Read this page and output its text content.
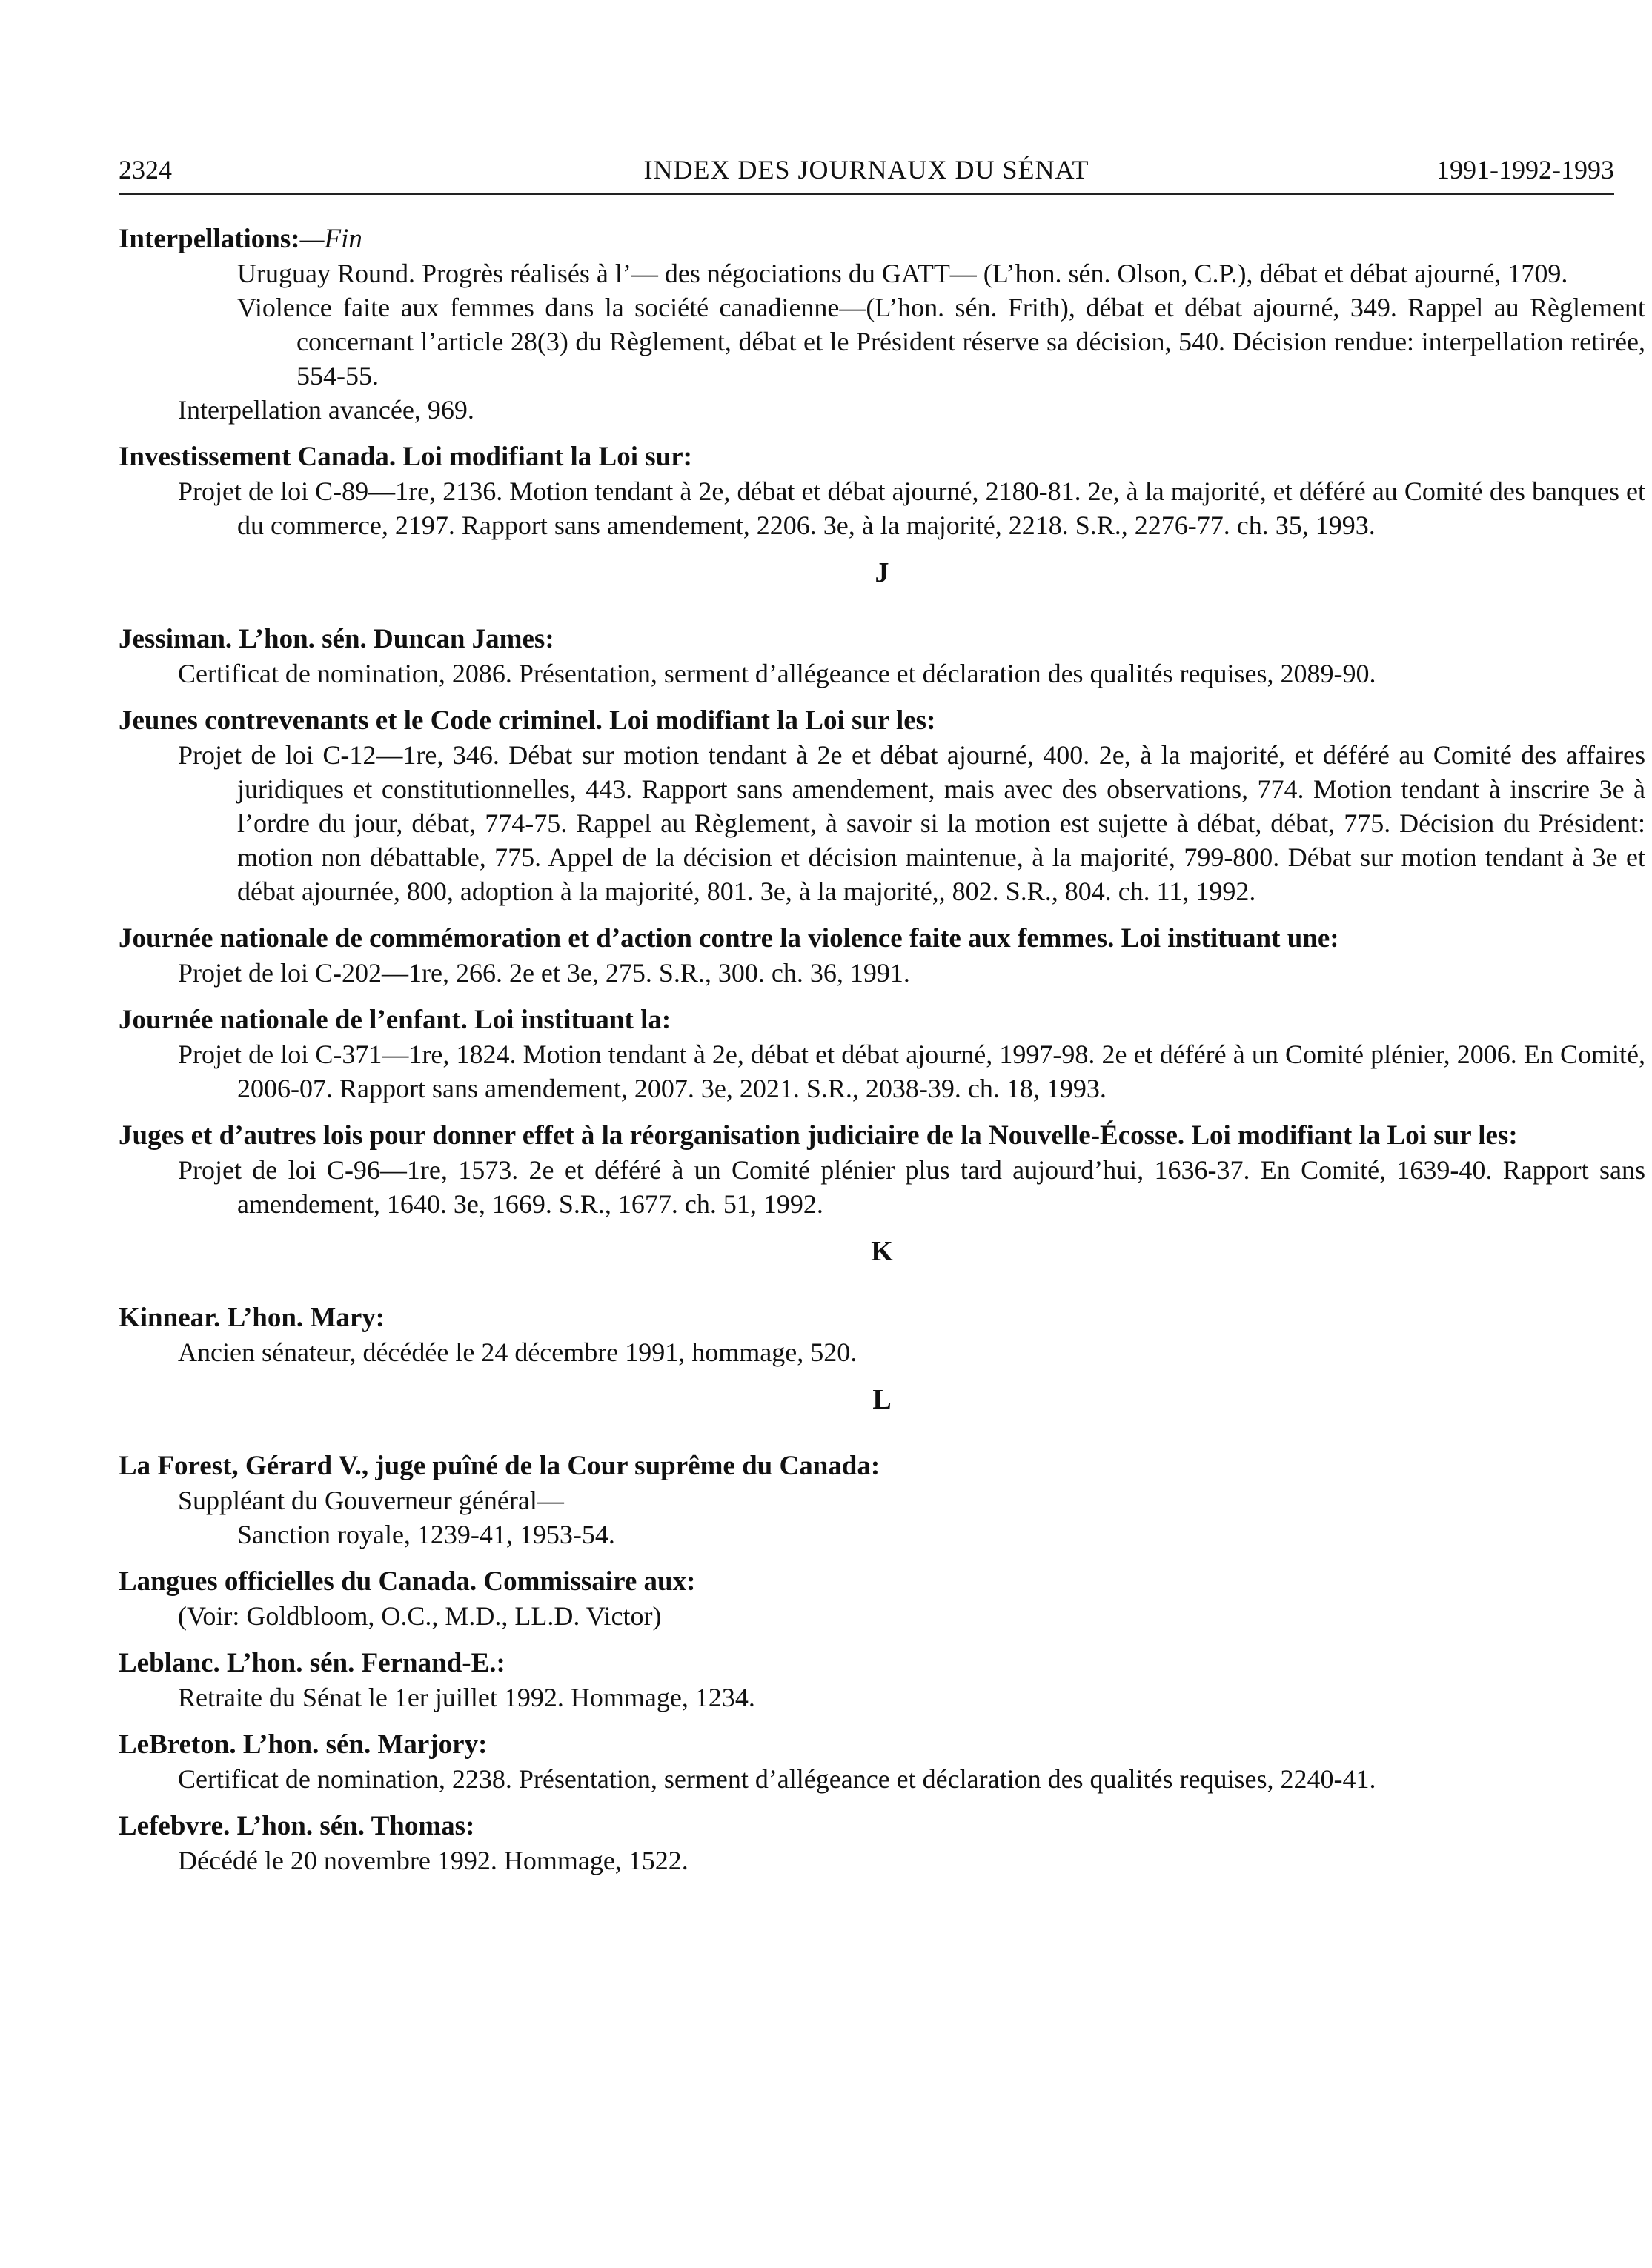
2324	INDEX DES JOURNAUX DU SÉNAT	1991-1992-1993
Interpellations:—Fin
Uruguay Round. Progrès réalisés à l’— des négociations du GATT— (L’hon. sén. Olson, C.P.), débat et débat ajourné, 1709.
Violence faite aux femmes dans la société canadienne—(L’hon. sén. Frith), débat et débat ajourné, 349. Rappel au Règlement concernant l’article 28(3) du Règlement, débat et le Président réserve sa décision, 540. Décision rendue: interpellation retirée, 554-55.
Interpellation avancée, 969.
Investissement Canada. Loi modifiant la Loi sur:
Projet de loi C-89—1re, 2136. Motion tendant à 2e, débat et débat ajourné, 2180-81. 2e, à la majorité, et déféré au Comité des banques et du commerce, 2197. Rapport sans amendement, 2206. 3e, à la majorité, 2218. S.R., 2276-77. ch. 35, 1993.
J
Jessiman. L’hon. sén. Duncan James:
Certificat de nomination, 2086. Présentation, serment d’allégeance et déclaration des qualités requises, 2089-90.
Jeunes contrevenants et le Code criminel. Loi modifiant la Loi sur les:
Projet de loi C-12—1re, 346. Débat sur motion tendant à 2e et débat ajourné, 400. 2e, à la majorité, et déféré au Comité des affaires juridiques et constitutionnelles, 443. Rapport sans amendement, mais avec des observations, 774. Motion tendant à inscrire 3e à l’ordre du jour, débat, 774-75. Rappel au Règlement, à savoir si la motion est sujette à débat, débat, 775. Décision du Président: motion non débattable, 775. Appel de la décision et décision maintenue, à la majorité, 799-800. Débat sur motion tendant à 3e et débat ajournée, 800, adoption à la majorité, 801. 3e, à la majorité,, 802. S.R., 804. ch. 11, 1992.
Journée nationale de commémoration et d’action contre la violence faite aux femmes. Loi instituant une:
Projet de loi C-202—1re, 266. 2e et 3e, 275. S.R., 300. ch. 36, 1991.
Journée nationale de l’enfant. Loi instituant la:
Projet de loi C-371—1re, 1824. Motion tendant à 2e, débat et débat ajourné, 1997-98. 2e et déféré à un Comité plénier, 2006. En Comité, 2006-07. Rapport sans amendement, 2007. 3e, 2021. S.R., 2038-39. ch. 18, 1993.
Juges et d’autres lois pour donner effet à la réorganisation judiciaire de la Nouvelle-Écosse. Loi modifiant la Loi sur les:
Projet de loi C-96—1re, 1573. 2e et déféré à un Comité plénier plus tard aujourd’hui, 1636-37. En Comité, 1639-40. Rapport sans amendement, 1640. 3e, 1669. S.R., 1677. ch. 51, 1992.
K
Kinnear. L’hon. Mary:
Ancien sénateur, décédée le 24 décembre 1991, hommage, 520.
L
La Forest, Gérard V., juge puîné de la Cour suprême du Canada:
Suppléant du Gouverneur général—
Sanction royale, 1239-41, 1953-54.
Langues officielles du Canada. Commissaire aux:
(Voir: Goldbloom, O.C., M.D., LL.D. Victor)
Leblanc. L’hon. sén. Fernand-E.:
Retraite du Sénat le 1er juillet 1992. Hommage, 1234.
LeBreton. L’hon. sén. Marjory:
Certificat de nomination, 2238. Présentation, serment d’allégeance et déclaration des qualités requises, 2240-41.
Lefebvre. L’hon. sén. Thomas:
Décédé le 20 novembre 1992. Hommage, 1522.
